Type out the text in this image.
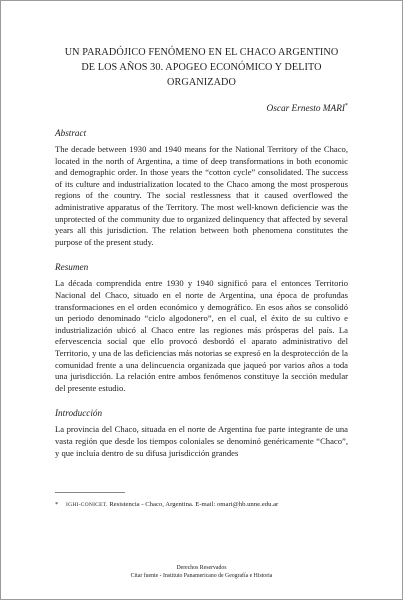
UN PARADÓJICO FENÓMENO EN EL CHACO ARGENTINO
DE LOS AÑOS 30. APOGEO ECONÓMICO Y DELITO
ORGANIZADO
Oscar Ernesto MARI*
Abstract
The decade between 1930 and 1940 means for the National Territory of the Chaco, located in the north of Argentina, a time of deep transformations in both economic and demographic order. In those years the “cotton cycle” consolidated. The success of its culture and industrialization located to the Chaco among the most prosperous regions of the country. The social restlessness that it caused overflowed the administrative apparatus of the Territory. The most well-known deficiencie was the unprotected of the community due to organized delinquency that affected by several years all this jurisdiction. The relation between both phenomena constitutes the purpose of the present study.
Resumen
La década comprendida entre 1930 y 1940 significó para el entonces Territorio Nacional del Chaco, situado en el norte de Argentina, una época de profundas transformaciones en el orden económico y demográfico. En esos años se consolidó un periodo denominado “ciclo algodonero”, en el cual, el éxito de su cultivo e industrialización ubicó al Chaco entre las regiones más prósperas del país. La efervescencia social que ello provocó desbordó el aparato administrativo del Territorio, y una de las deficiencias más notorias se expresó en la desprotección de la comunidad frente a una delincuencia organizada que jaqueó por varios años a toda una jurisdicción. La relación entre ambos fenómenos constituye la sección medular del presente estudio.
Introducción
La provincia del Chaco, situada en el norte de Argentina fue parte integrante de una vasta región que desde los tiempos coloniales se denominó genéricamente “Chaco”, y que incluía dentro de su difusa jurisdicción grandes
* IGHI-CONICET. Resistencia - Chaco, Argentina. E-mail: omari@hb.unne.edu.ar
Derechos Reservados
Citar fuente - Instituto Panamericano de Geografía e Historia
